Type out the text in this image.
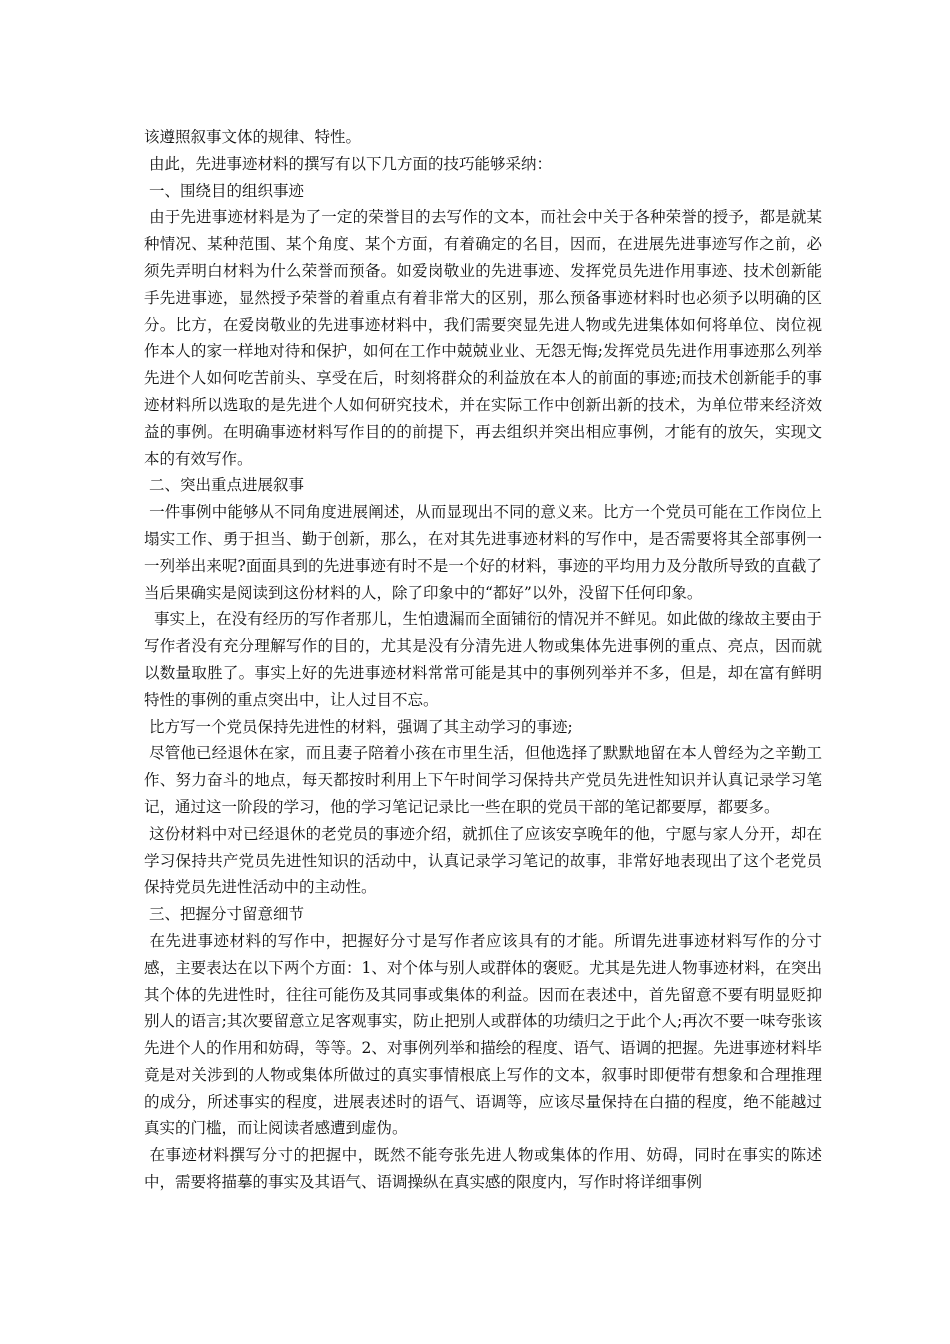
该遵照叙事文体的规律、特性。

由此，先进事迹材料的撰写有以下几方面的技巧能够采纳：

一、围绕目的组织事迹

由于先进事迹材料是为了一定的荣誉目的去写作的文本，而社会中关于各种荣誉的授予，都是就某种情况、某种范围、某个角度、某个方面，有着确定的名目，因而，在进展先进事迹写作之前，必须先弄明白材料为什么荣誉而预备。如爱岗敬业的先进事迹、发挥党员先进作用事迹、技术创新能手先进事迹，显然授予荣誉的着重点有着非常大的区别，那么预备事迹材料时也必须予以明确的区分。比方，在爱岗敬业的先进事迹材料中，我们需要突显先进人物或先进集体如何将单位、岗位视作本人的家一样地对待和保护，如何在工作中兢兢业业、无怨无悔;发挥党员先进作用事迹那么列举先进个人如何吃苦前头、享受在后，时刻将群众的利益放在本人的前面的事迹;而技术创新能手的事迹材料所以选取的是先进个人如何研究技术，并在实际工作中创新出新的技术，为单位带来经济效益的事例。在明确事迹材料写作目的的前提下，再去组织并突出相应事例，才能有的放矢，实现文本的有效写作。

二、突出重点进展叙事

一件事例中能够从不同角度进展阐述，从而显现出不同的意义来。比方一个党员可能在工作岗位上塌实工作、勇于担当、勤于创新，那么，在对其先进事迹材料的写作中，是否需要将其全部事例一一列举出来呢?面面具到的先进事迹有时不是一个好的材料，事迹的平均用力及分散所导致的直截了当后果确实是阅读到这份材料的人，除了印象中的“都好”以外，没留下任何印象。

事实上，在没有经历的写作者那儿，生怕遗漏而全面铺衍的情况并不鲜见。如此做的缘故主要由于写作者没有充分理解写作的目的，尤其是没有分清先进人物或集体先进事例的重点、亮点，因而就以数量取胜了。事实上好的先进事迹材料常常可能是其中的事例列举并不多，但是，却在富有鲜明特性的事例的重点突出中，让人过目不忘。

比方写一个党员保持先进性的材料，强调了其主动学习的事迹;

尽管他已经退休在家，而且妻子陪着小孩在市里生活，但他选择了默默地留在本人曾经为之辛勤工作、努力奋斗的地点，每天都按时利用上下午时间学习保持共产党员先进性知识并认真记录学习笔记，通过这一阶段的学习，他的学习笔记记录比一些在职的党员干部的笔记都要厚，都要多。

这份材料中对已经退休的老党员的事迹介绍，就抓住了应该安享晚年的他，宁愿与家人分开，却在学习保持共产党员先进性知识的活动中，认真记录学习笔记的故事，非常好地表现出了这个老党员保持党员先进性活动中的主动性。

三、把握分寸留意细节

在先进事迹材料的写作中，把握好分寸是写作者应该具有的才能。所谓先进事迹材料写作的分寸感，主要表达在以下两个方面：1、对个体与别人或群体的褒贬。尤其是先进人物事迹材料，在突出其个体的先进性时，往往可能伤及其同事或集体的利益。因而在表述中，首先留意不要有明显贬抑别人的语言;其次要留意立足客观事实，防止把别人或群体的功绩归之于此个人;再次不要一味夸张该先进个人的作用和妨碍，等等。2、对事例列举和描绘的程度、语气、语调的把握。先进事迹材料毕竟是对关涉到的人物或集体所做过的真实事情根底上写作的文本，叙事时即便带有想象和合理推理的成分，所述事实的程度，进展表述时的语气、语调等，应该尽量保持在白描的程度，绝不能越过真实的门槛，而让阅读者感遭到虚伪。

在事迹材料撰写分寸的把握中，既然不能夸张先进人物或集体的作用、妨碍，同时在事实的陈述中，需要将描摹的事实及其语气、语调操纵在真实感的限度内，写作时将详细事例
